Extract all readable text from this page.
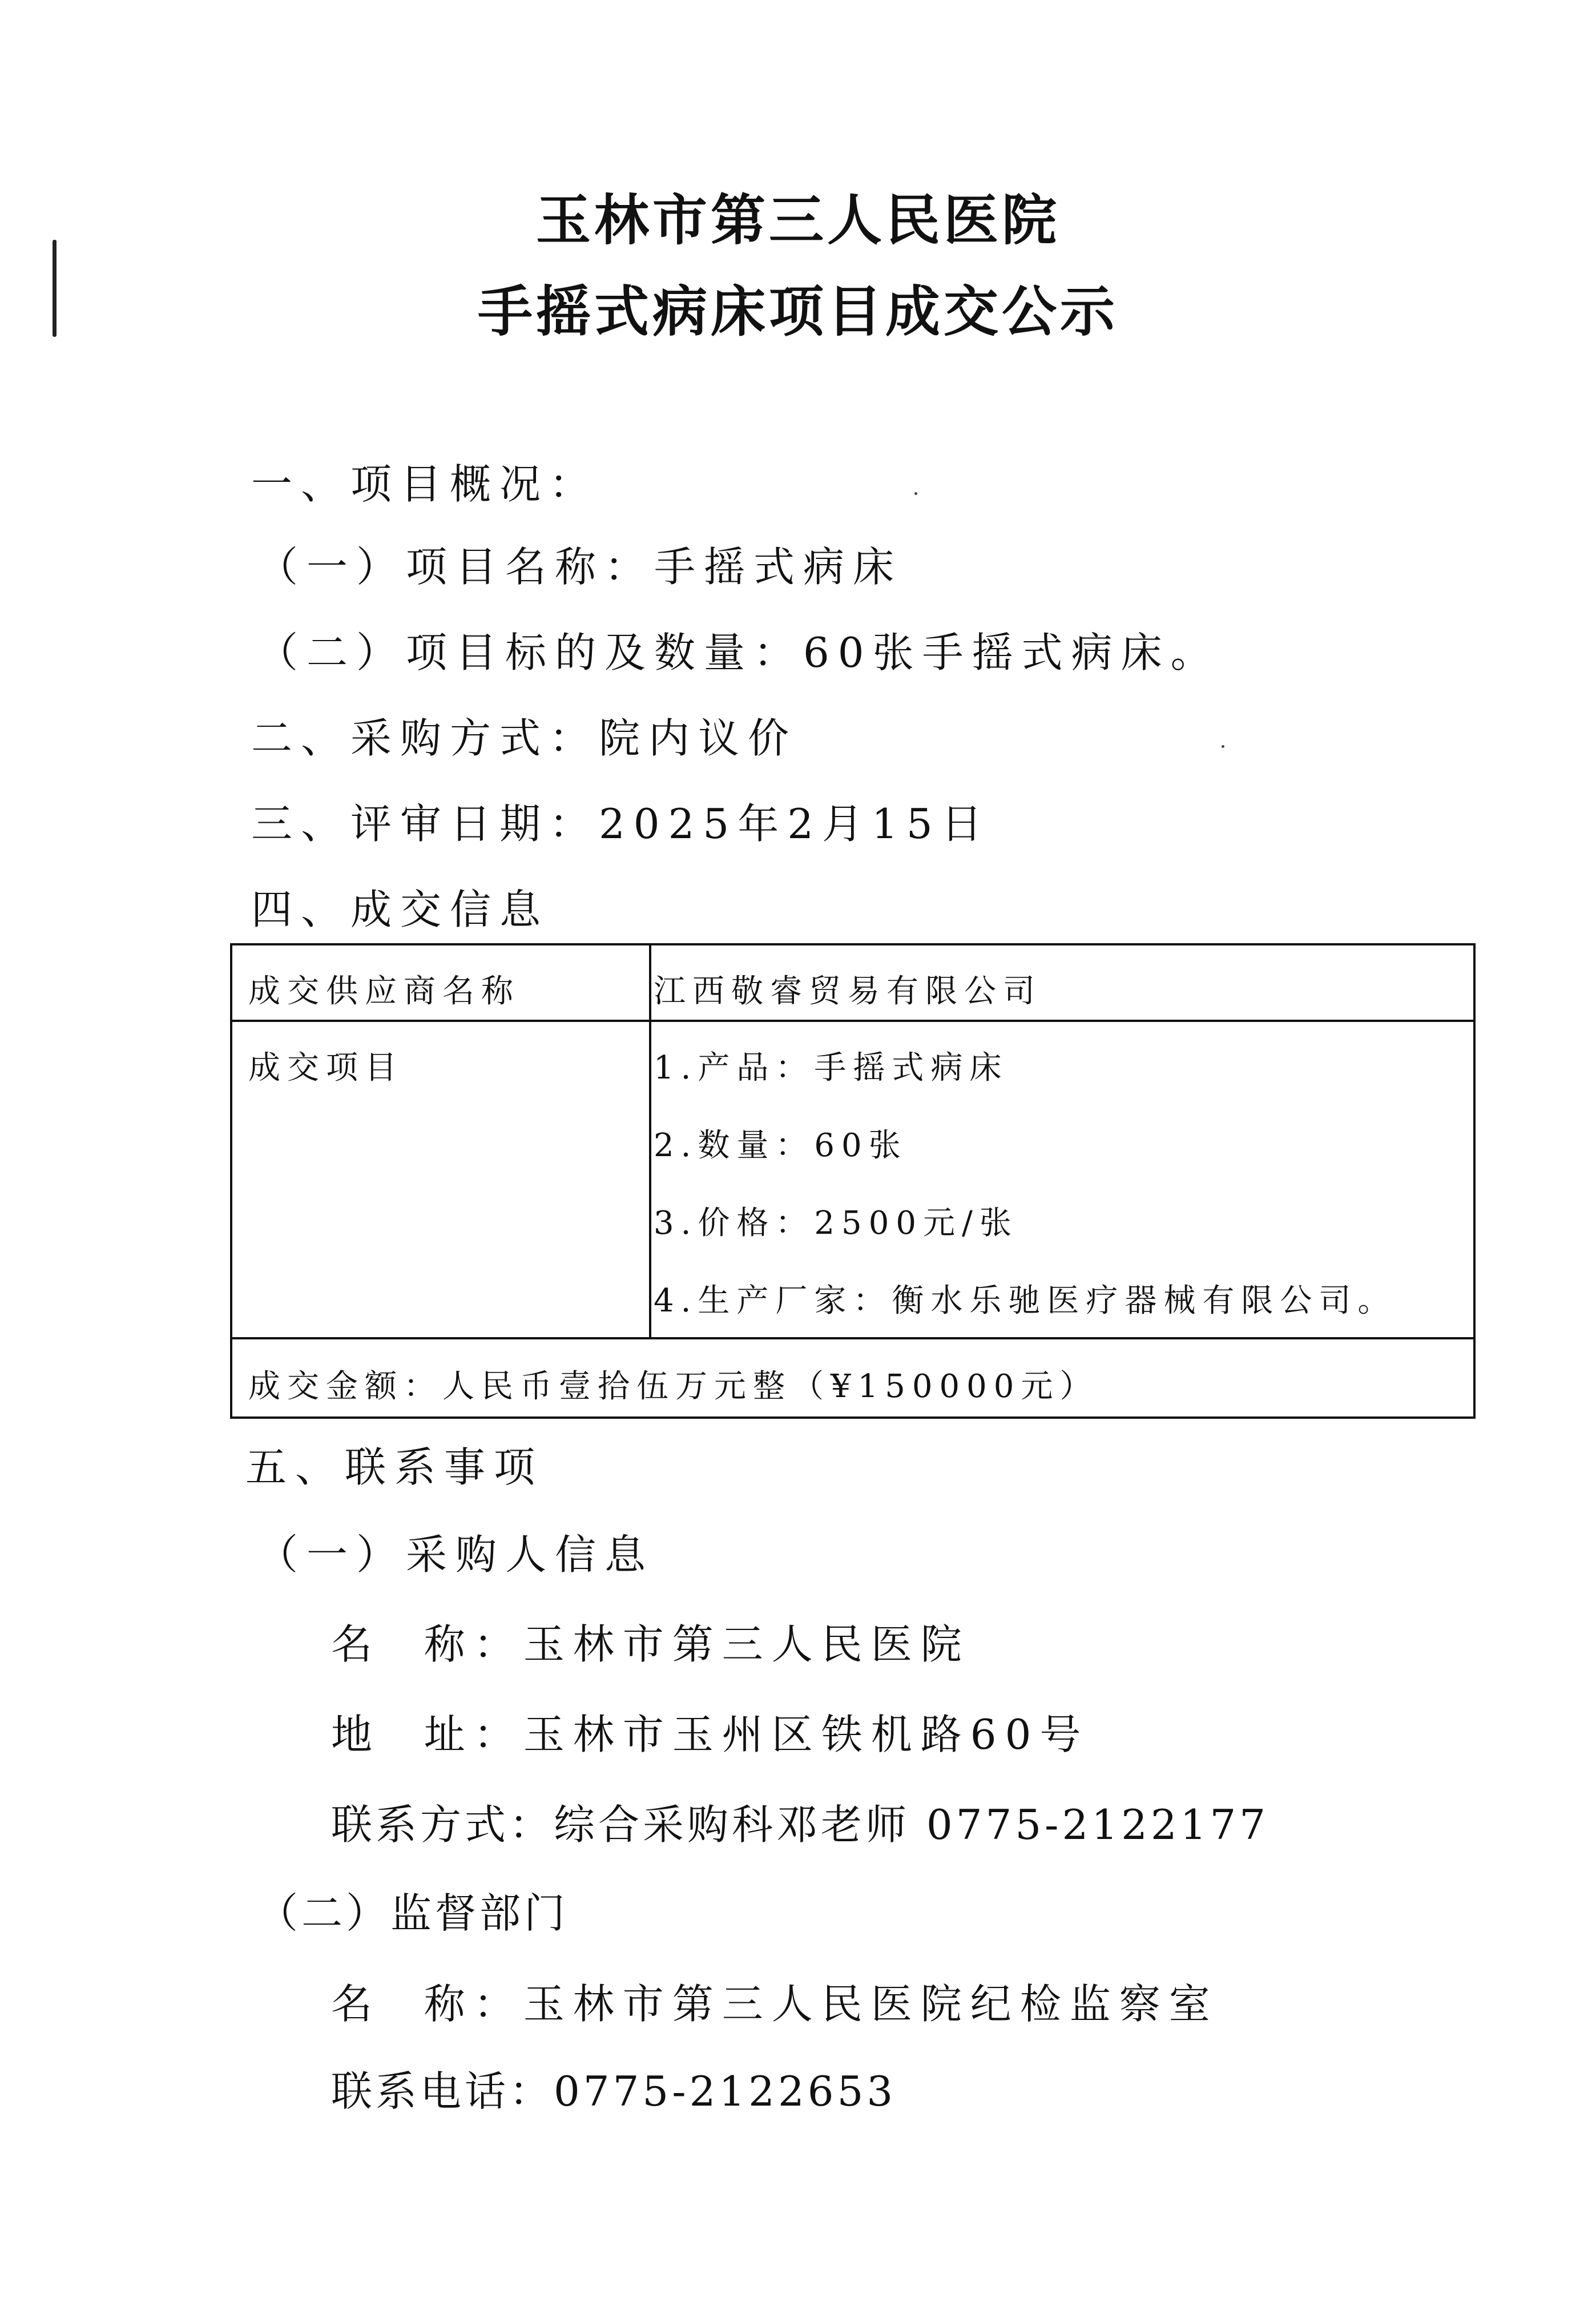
玉林市第三人民医院
手摇式病床项目成交公示
一、项目概况：
（一）项目名称：手摇式病床
（二）项目标的及数量：60张手摇式病床。
二、采购方式：院内议价
三、评审日期：2025年2月15日
四、成交信息
成交供应商名称	江西敬睿贸易有限公司
成交项目	1.产品：手摇式病床
2.数量：60张
3.价格：2500元/张
4.生产厂家：衡水乐驰医疗器械有限公司。
成交金额：人民币壹拾伍万元整（¥150000元）
五、联系事项
（一）采购人信息
名  称：玉林市第三人民医院
地  址：玉林市玉州区铁机路60号
联系方式：综合采购科邓老师 0775-2122177
（二）监督部门
名  称：玉林市第三人民医院纪检监察室
联系电话：0775-2122653
